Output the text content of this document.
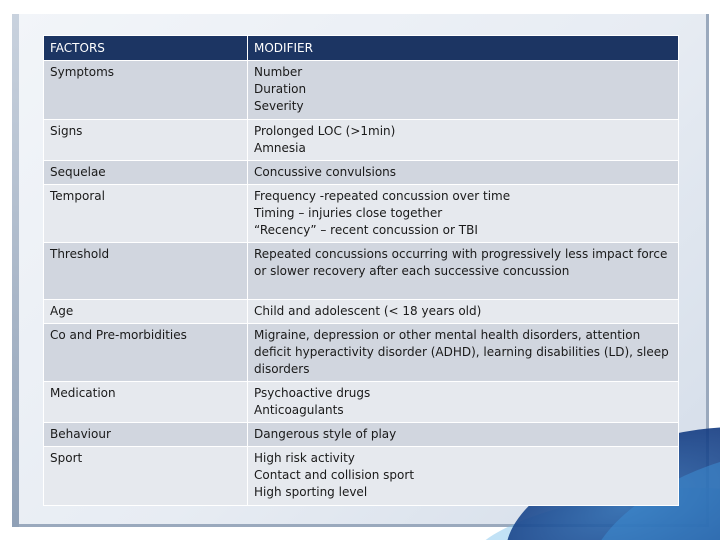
FACTORS	MODIFIER
Symptoms	Number
Duration
Severity

Signs	Prolonged LOC (>1min)
Amnesia

Sequelae	Concussive convulsions

Temporal	Frequency -repeated concussion over time
Timing – injuries close together
“Recency” – recent concussion or TBI

Threshold	Repeated concussions occurring with progressively less impact force or slower recovery after each successive concussion

Age	Child and adolescent (< 18 years old)

Co and Pre-morbidities	Migraine, depression or other mental health disorders, attention deficit hyperactivity disorder (ADHD), learning disabilities (LD), sleep disorders

Medication	Psychoactive drugs
Anticoagulants

Behaviour	Dangerous style of play

Sport	High risk activity
Contact and collision sport
High sporting level
